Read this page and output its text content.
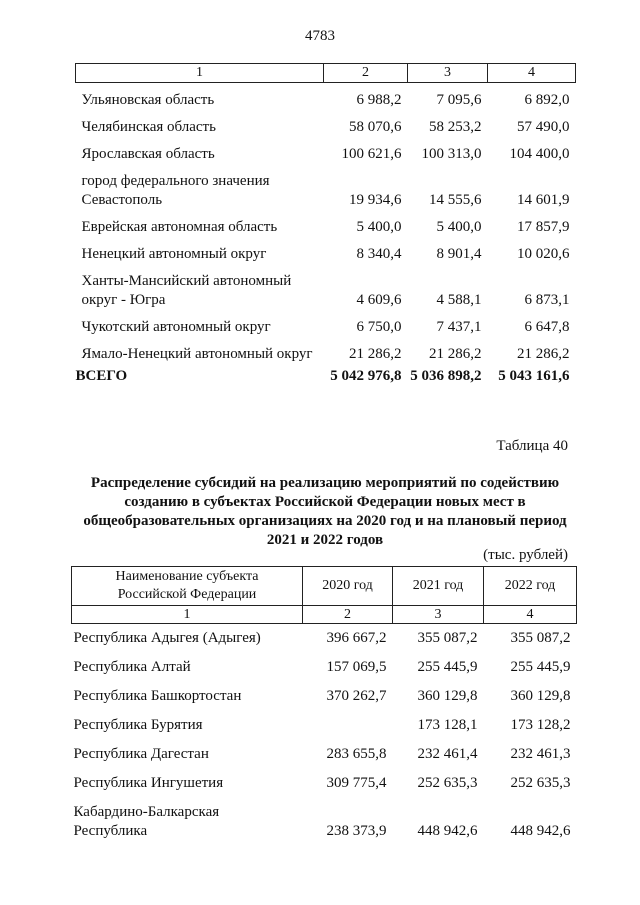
4783
1	2	3	4
Ульяновская область	6 988,2	7 095,6	6 892,0
Челябинская область	58 070,6	58 253,2	57 490,0
Ярославская область	100 621,6	100 313,0	104 400,0
город федерального значения
Севастополь	19 934,6	14 555,6	14 601,9
Еврейская автономная область	5 400,0	5 400,0	17 857,9
Ненецкий автономный округ	8 340,4	8 901,4	10 020,6
Ханты-Мансийский автономный
округ - Югра	4 609,6	4 588,1	6 873,1
Чукотский автономный округ	6 750,0	7 437,1	6 647,8
Ямало-Ненецкий автономный округ	21 286,2	21 286,2	21 286,2
ВСЕГО	5 042 976,8	5 036 898,2	5 043 161,6
Таблица 40
Распределение субсидий на реализацию мероприятий по содействию
созданию в субъектах Российской Федерации новых мест в
общеобразовательных организациях на 2020 год и на плановый период
2021 и 2022 годов
(тыс. рублей)
Наименование субъекта
Российской Федерации	2020 год	2021 год	2022 год
1	2	3	4
Республика Адыгея (Адыгея)	396 667,2	355 087,2	355 087,2
Республика Алтай	157 069,5	255 445,9	255 445,9
Республика Башкортостан	370 262,7	360 129,8	360 129,8
Республика Бурятия		173 128,1	173 128,2
Республика Дагестан	283 655,8	232 461,4	232 461,3
Республика Ингушетия	309 775,4	252 635,3	252 635,3
Кабардино-Балкарская
Республика	238 373,9	448 942,6	448 942,6
